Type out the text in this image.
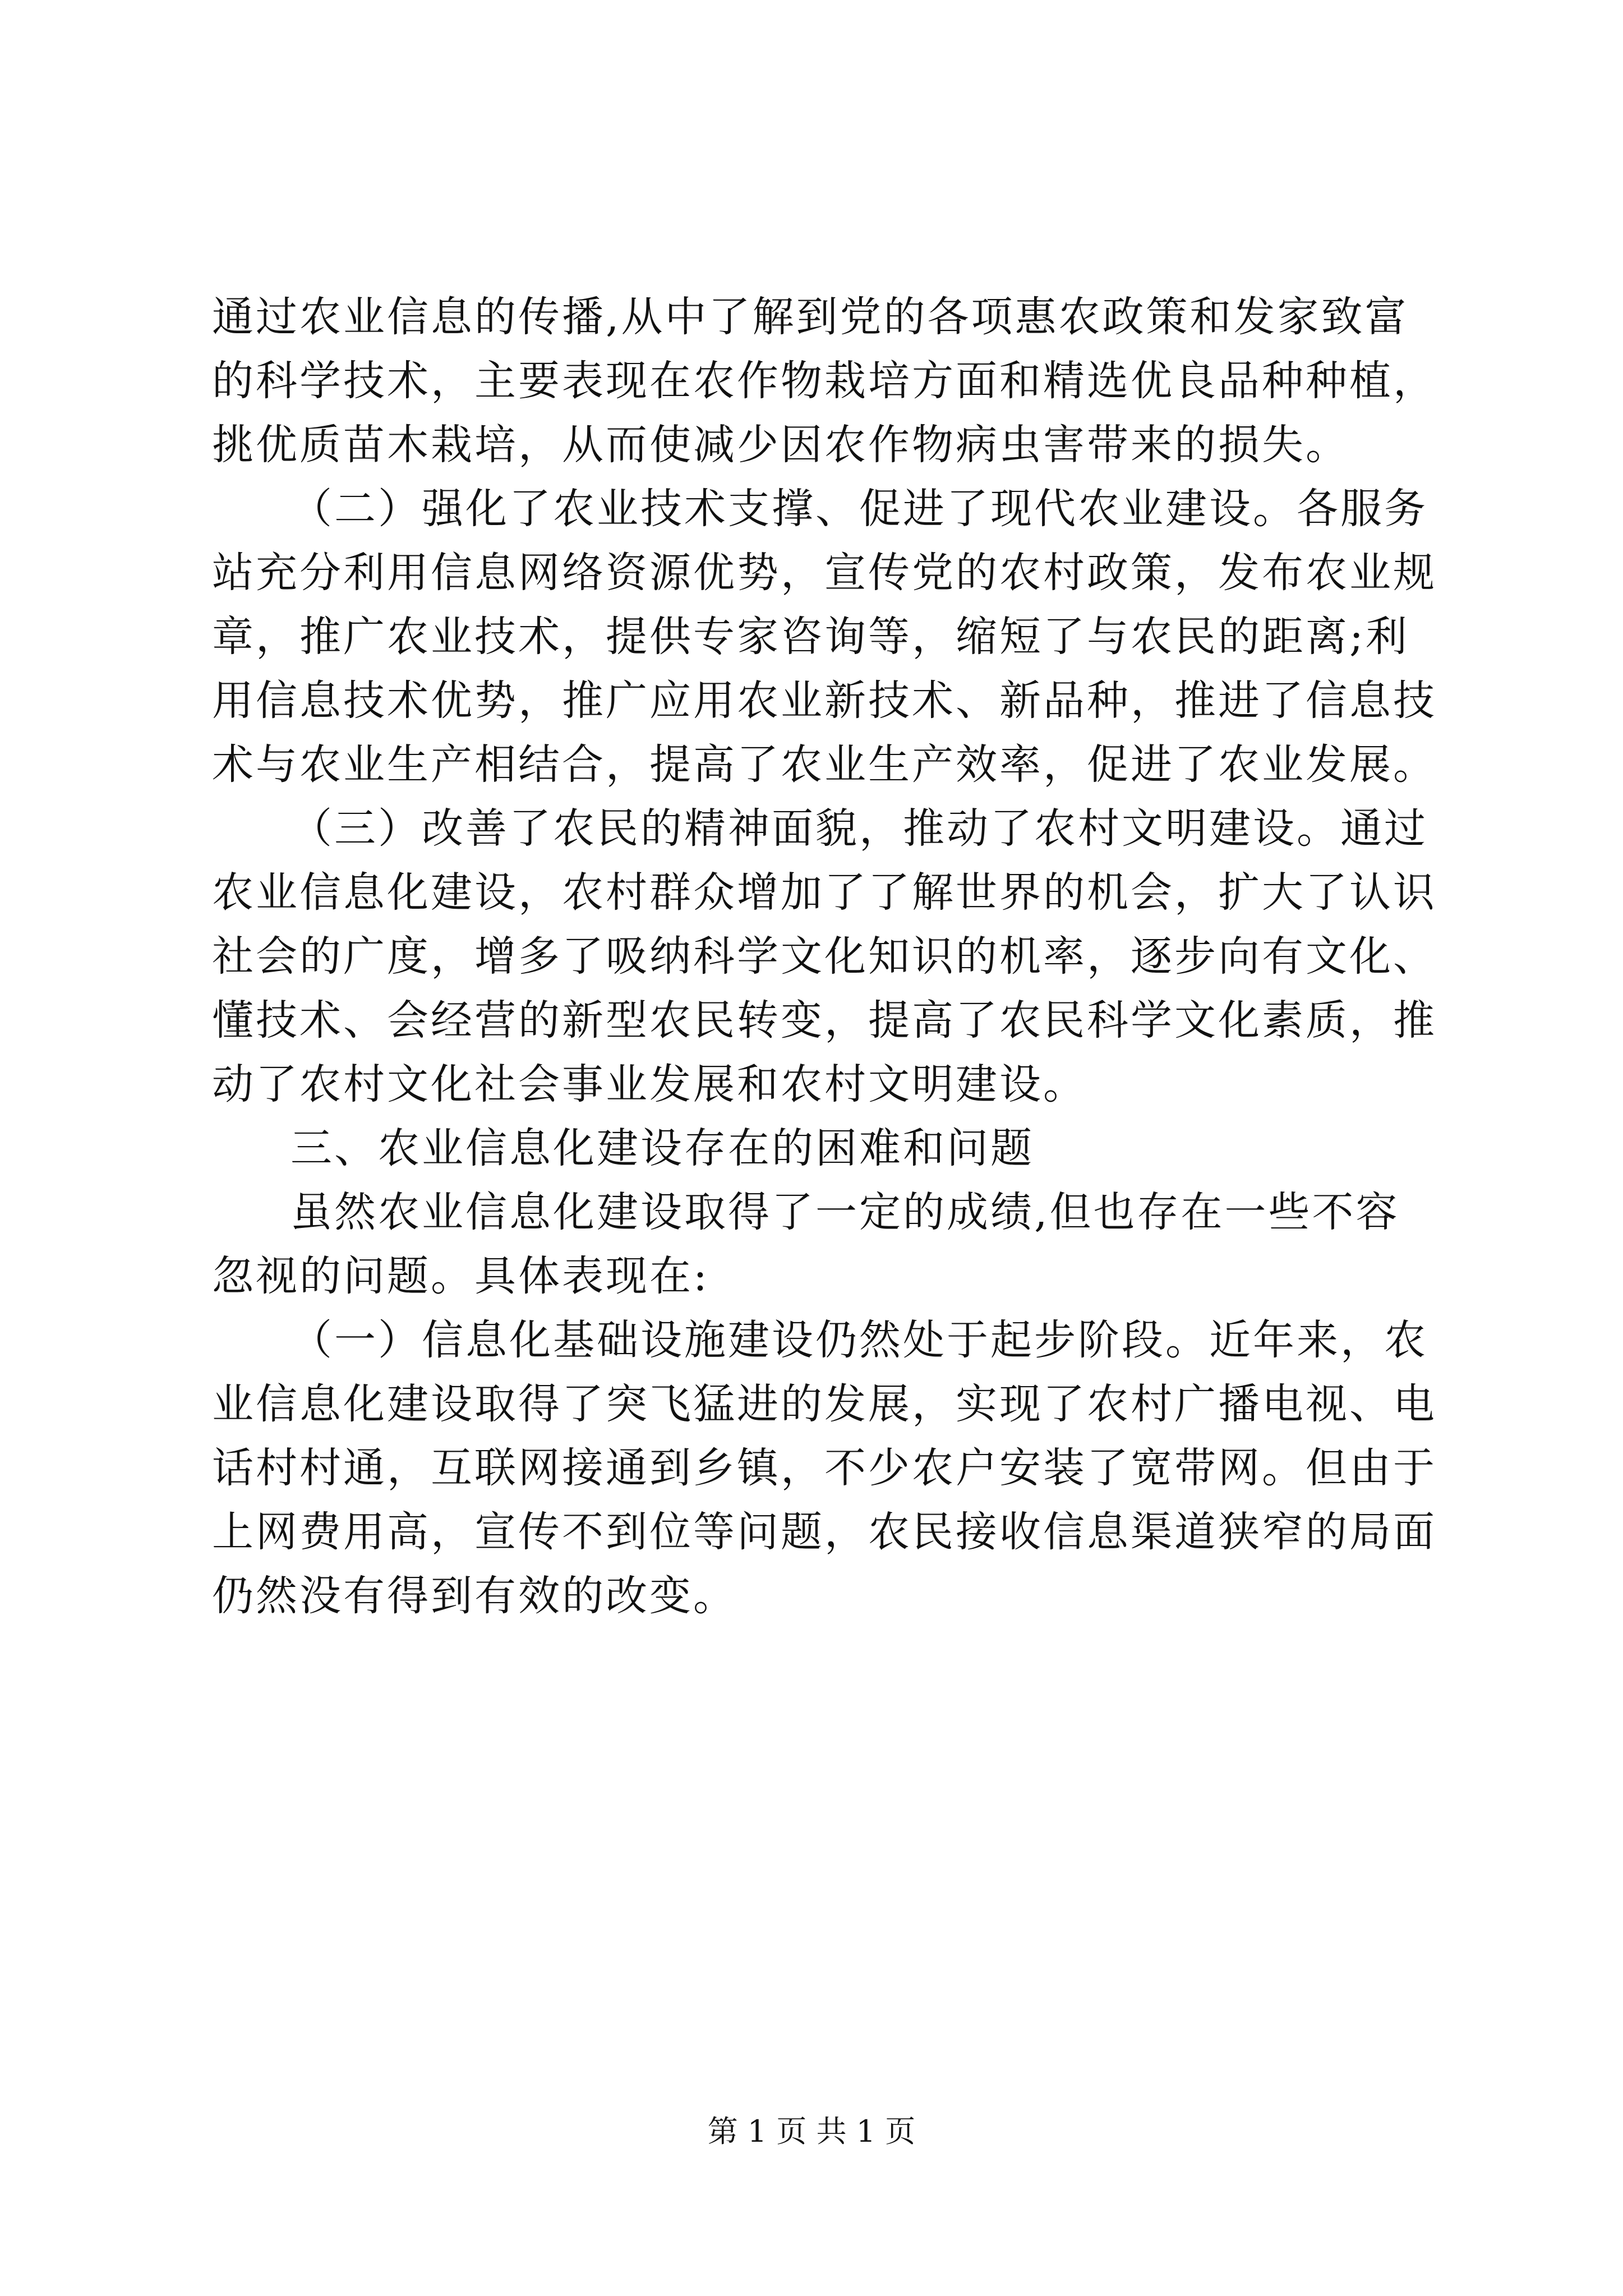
通过农业信息的传播,从中了解到党的各项惠农政策和发家致富
的科学技术，主要表现在农作物栽培方面和精选优良品种种植，
挑优质苗木栽培，从而使减少因农作物病虫害带来的损失。
（二）强化了农业技术支撑、促进了现代农业建设。各服务
站充分利用信息网络资源优势，宣传党的农村政策，发布农业规
章，推广农业技术，提供专家咨询等，缩短了与农民的距离;利
用信息技术优势，推广应用农业新技术、新品种，推进了信息技
术与农业生产相结合，提高了农业生产效率，促进了农业发展。
（三）改善了农民的精神面貌，推动了农村文明建设。通过
农业信息化建设，农村群众增加了了解世界的机会，扩大了认识
社会的广度，增多了吸纳科学文化知识的机率，逐步向有文化、
懂技术、会经营的新型农民转变，提高了农民科学文化素质，推
动了农村文化社会事业发展和农村文明建设。
三、农业信息化建设存在的困难和问题
虽然农业信息化建设取得了一定的成绩,但也存在一些不容
忽视的问题。具体表现在:
（一）信息化基础设施建设仍然处于起步阶段。近年来，农
业信息化建设取得了突飞猛进的发展，实现了农村广播电视、电
话村村通，互联网接通到乡镇，不少农户安装了宽带网。但由于
上网费用高，宣传不到位等问题，农民接收信息渠道狭窄的局面
仍然没有得到有效的改变。
第 1 页 共 1 页
